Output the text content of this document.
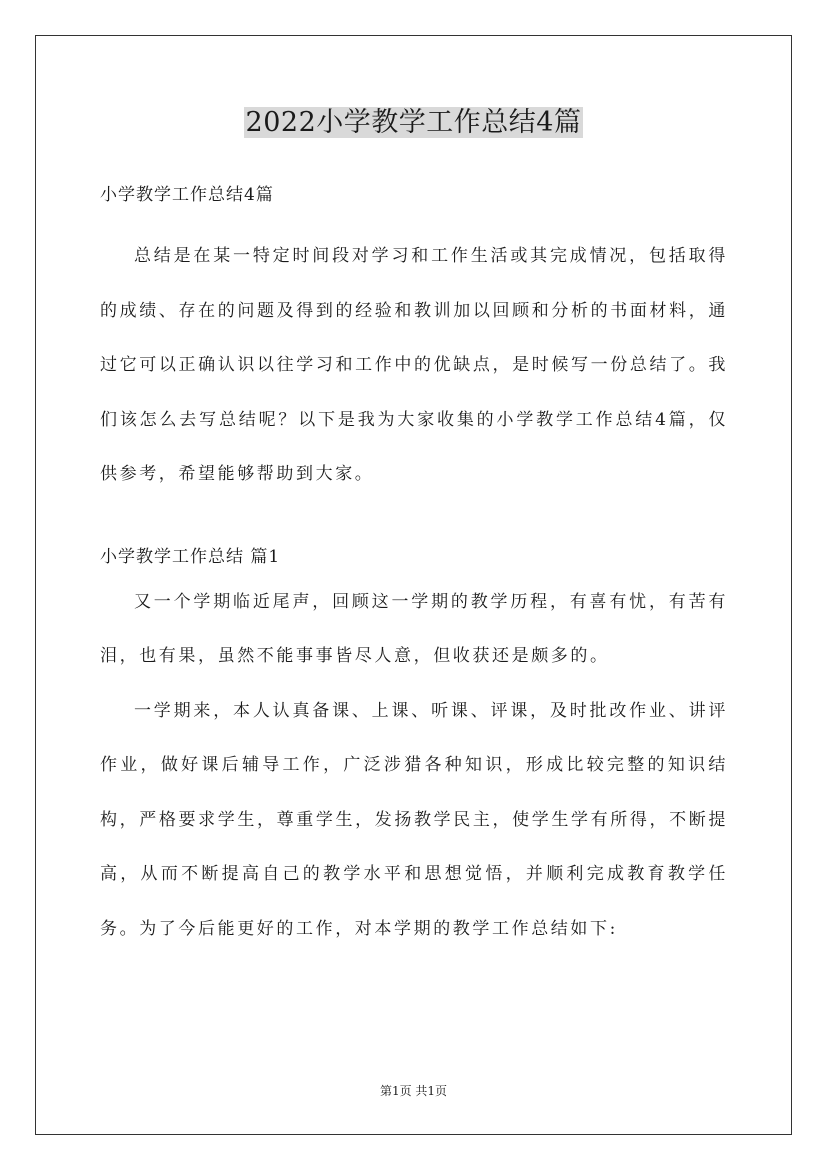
2022小学教学工作总结4篇

小学教学工作总结4篇

总结是在某一特定时间段对学习和工作生活或其完成情况，包括取得的成绩、存在的问题及得到的经验和教训加以回顾和分析的书面材料，通过它可以正确认识以往学习和工作中的优缺点，是时候写一份总结了。我们该怎么去写总结呢？以下是我为大家收集的小学教学工作总结4篇，仅供参考，希望能够帮助到大家。

小学教学工作总结 篇1

又一个学期临近尾声，回顾这一学期的教学历程，有喜有忧，有苦有泪，也有果，虽然不能事事皆尽人意，但收获还是颇多的。

一学期来，本人认真备课、上课、听课、评课，及时批改作业、讲评作业，做好课后辅导工作，广泛涉猎各种知识，形成比较完整的知识结构，严格要求学生，尊重学生，发扬教学民主，使学生学有所得，不断提高，从而不断提高自己的教学水平和思想觉悟，并顺利完成教育教学任务。为了今后能更好的工作，对本学期的教学工作总结如下:

第1页 共1页
